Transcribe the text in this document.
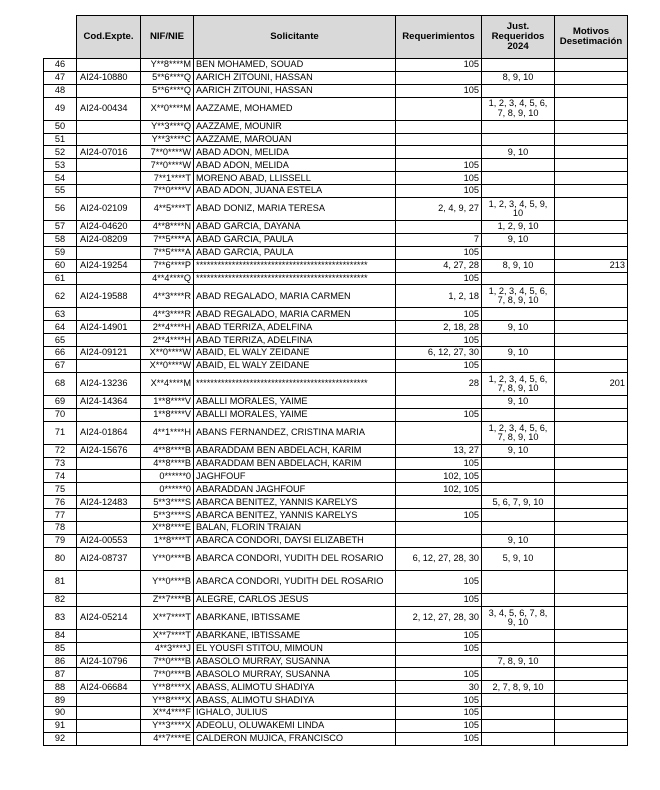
	Cod.Expte.	NIF/NIE	Solicitante	Requerimientos	Just. Requeridos 2024	Motivos Desetimación
46		Y**8****M	BEN MOHAMED, SOUAD	105		
47	AI24-10880	5**6****Q	AARICH ZITOUNI, HASSAN		8, 9, 10	
48		5**6****Q	AARICH ZITOUNI, HASSAN	105		
49	AI24-00434	X**0****M	AAZZAME, MOHAMED		1, 2, 3, 4, 5, 6, 7, 8, 9, 10	
50		Y**3****Q	AAZZAME, MOUNIR			
51		Y**3****C	AAZZAME, MAROUAN			
52	AI24-07016	7**0****W	ABAD ADON, MELIDA		9, 10	
53		7**0****W	ABAD ADON, MELIDA	105		
54		7**1****T	MORENO ABAD, LLISSELL	105		
55		7**0****V	ABAD ADON, JUANA ESTELA	105		
56	AI24-02109	4**5****T	ABAD DONIZ, MARIA TERESA	2, 4, 9, 27	1, 2, 3, 4, 5, 9, 10	
57	AI24-04620	4**8****N	ABAD GARCIA, DAYANA		1, 2, 9, 10	
58	AI24-08209	7**5****A	ABAD GARCIA, PAULA	7	9, 10	
59		7**5****A	ABAD GARCIA, PAULA	105		
60	AI24-19254	7**6****P	************************************************	4, 27, 28	8, 9, 10	213
61		4**4****Q	************************************************	105		
62	AI24-19588	4**3****R	ABAD REGALADO, MARIA CARMEN	1, 2, 18	1, 2, 3, 4, 5, 6, 7, 8, 9, 10	
63		4**3****R	ABAD REGALADO, MARIA CARMEN	105		
64	AI24-14901	2**4****H	ABAD TERRIZA, ADELFINA	2, 18, 28	9, 10	
65		2**4****H	ABAD TERRIZA, ADELFINA	105		
66	AI24-09121	X**0****W	ABAID, EL WALY ZEIDANE	6, 12, 27, 30	9, 10	
67		X**0****W	ABAID, EL WALY ZEIDANE	105		
68	AI24-13236	X**4****M	************************************************	28	1, 2, 3, 4, 5, 6, 7, 8, 9, 10	201
69	AI24-14364	1**8****V	ABALLI MORALES, YAIME		9, 10	
70		1**8****V	ABALLI MORALES, YAIME	105		
71	AI24-01864	4**1****H	ABANS FERNANDEZ, CRISTINA MARIA		1, 2, 3, 4, 5, 6, 7, 8, 9, 10	
72	AI24-15676	4**8****B	ABARADDAM BEN ABDELACH, KARIM	13, 27	9, 10	
73		4**8****B	ABARADDAM BEN ABDELACH, KARIM	105		
74		0******0	JAGHFOUF	102, 105		
75		0******0	ABARADDAN JAGHFOUF	102, 105		
76	AI24-12483	5**3****S	ABARCA BENITEZ, YANNIS KARELYS		5, 6, 7, 9, 10	
77		5**3****S	ABARCA BENITEZ, YANNIS KARELYS	105		
78		X**8****E	BALAN, FLORIN TRAIAN			
79	AI24-00553	1**8****T	ABARCA CONDORI, DAYSI ELIZABETH		9, 10	
80	AI24-08737	Y**0****B	ABARCA CONDORI, YUDITH DEL ROSARIO	6, 12, 27, 28, 30	5, 9, 10	
81		Y**0****B	ABARCA CONDORI, YUDITH DEL ROSARIO	105		
82		Z**7****B	ALEGRE, CARLOS JESUS	105		
83	AI24-05214	X**7****T	ABARKANE, IBTISSAME	2, 12, 27, 28, 30	3, 4, 5, 6, 7, 8, 9, 10	
84		X**7****T	ABARKANE, IBTISSAME	105		
85		4**3****J	EL YOUSFI STITOU, MIMOUN	105		
86	AI24-10796	7**0****B	ABASOLO MURRAY, SUSANNA		7, 8, 9, 10	
87		7**0****B	ABASOLO MURRAY, SUSANNA	105		
88	AI24-06684	Y**8****X	ABASS, ALIMOTU SHADIYA	30	2, 7, 8, 9, 10	
89		Y**8****X	ABASS, ALIMOTU SHADIYA	105		
90		X**4****F	IGHALO, JULIUS	105		
91		Y**3****X	ADEOLU, OLUWAKEMI LINDA	105		
92		4**7****E	CALDERON MUJICA, FRANCISCO	105		
